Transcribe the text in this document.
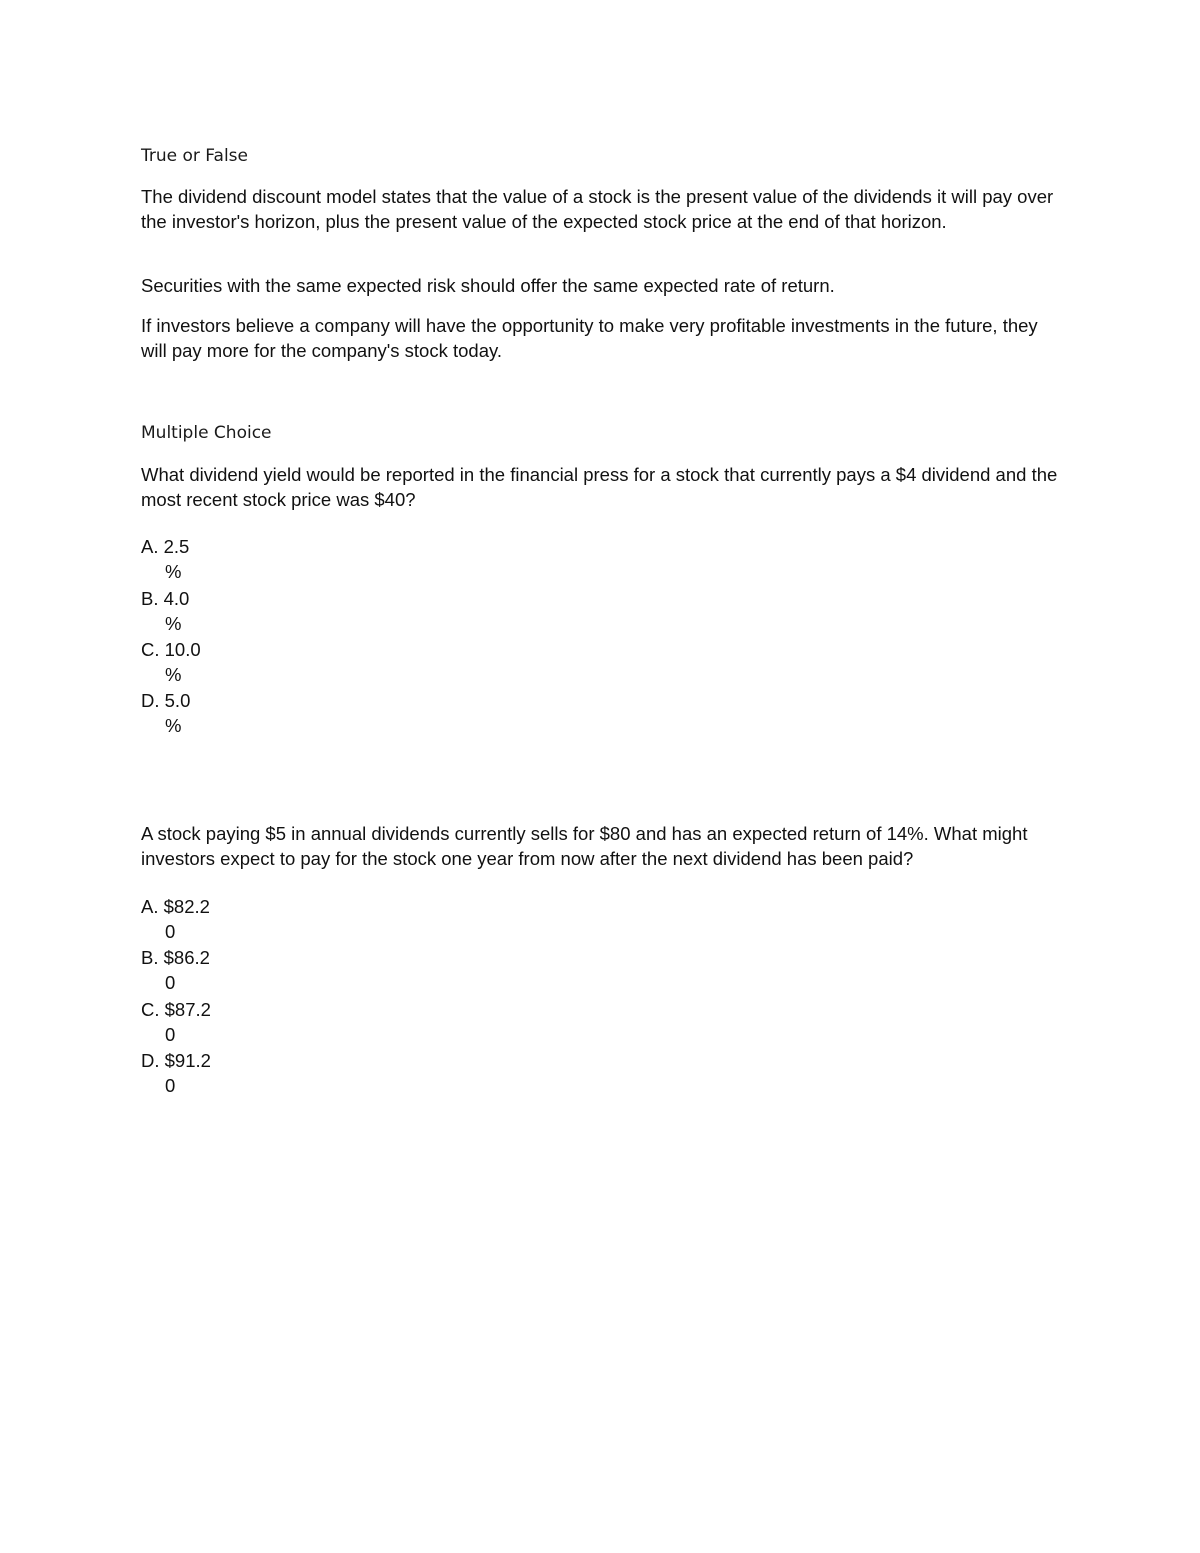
True or False
The dividend discount model states that the value of a stock is the present value of the dividends it will pay over the investor's horizon, plus the present value of the expected stock price at the end of that horizon.
Securities with the same expected risk should offer the same expected rate of return.
If investors believe a company will have the opportunity to make very profitable investments in the future, they will pay more for the company's stock today.
Multiple Choice
What dividend yield would be reported in the financial press for a stock that currently pays a $4 dividend and the most recent stock price was $40?
A. 2.5
%
B. 4.0
%
C. 10.0
%
D. 5.0
%
A stock paying $5 in annual dividends currently sells for $80 and has an expected return of 14%. What might investors expect to pay for the stock one year from now after the next dividend has been paid?
A. $82.2
0
B. $86.2
0
C. $87.2
0
D. $91.2
0
